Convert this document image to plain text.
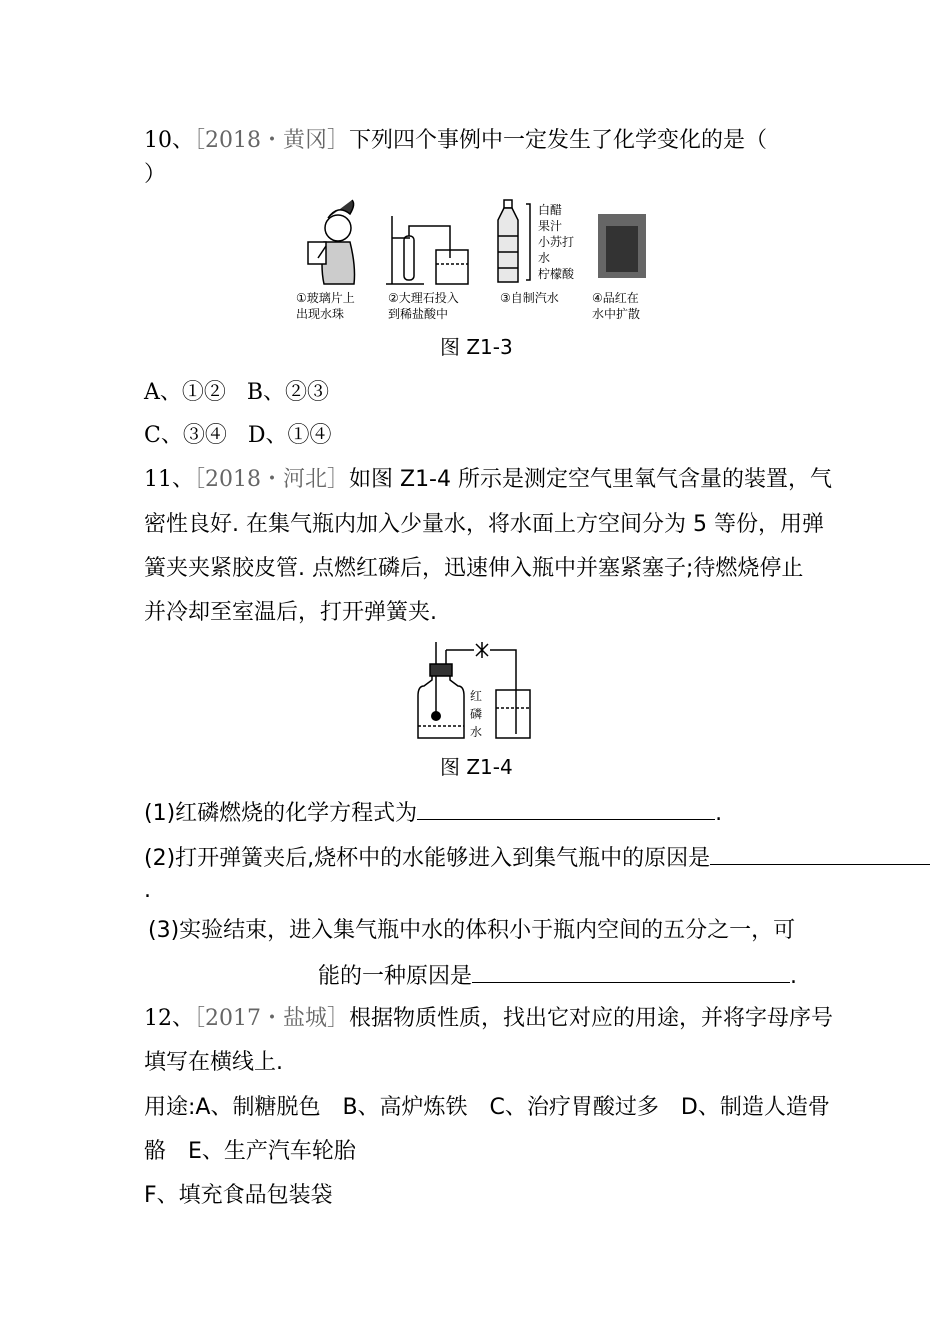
10、［2018・黄冈］下列四个事例中一定发生了化学变化的是（
）
白醋
果汁
小苏打
水
柠檬酸
①玻璃片上
出现水珠
②大理石投入
到稀盐酸中
③自制汽水	④品红在
水中扩散
图 Z1-3
A、①② B、②③
C、③④ D、①④
11、［2018・河北］如图 Z1-4 所示是测定空气里氧气含量的装置，气
密性良好. 在集气瓶内加入少量水，将水面上方空间分为 5 等份，用弹
簧夹夹紧胶皮管. 点燃红磷后，迅速伸入瓶中并塞紧塞子;待燃烧停止
并冷却至室温后，打开弹簧夹.
红
磷
水
图 Z1-4
(1)红磷燃烧的化学方程式为	.
(2)打开弹簧夹后,烧杯中的水能够进入到集气瓶中的原因是
.
(3)实验结束，进入集气瓶中水的体积小于瓶内空间的五分之一，可
能的一种原因是	.
12、［2017・盐城］根据物质性质，找出它对应的用途，并将字母序号
填写在横线上.
用途:A、制糖脱色　B、高炉炼铁　C、治疗胃酸过多　D、制造人造骨
骼　E、生产汽车轮胎
F、填充食品包装袋
